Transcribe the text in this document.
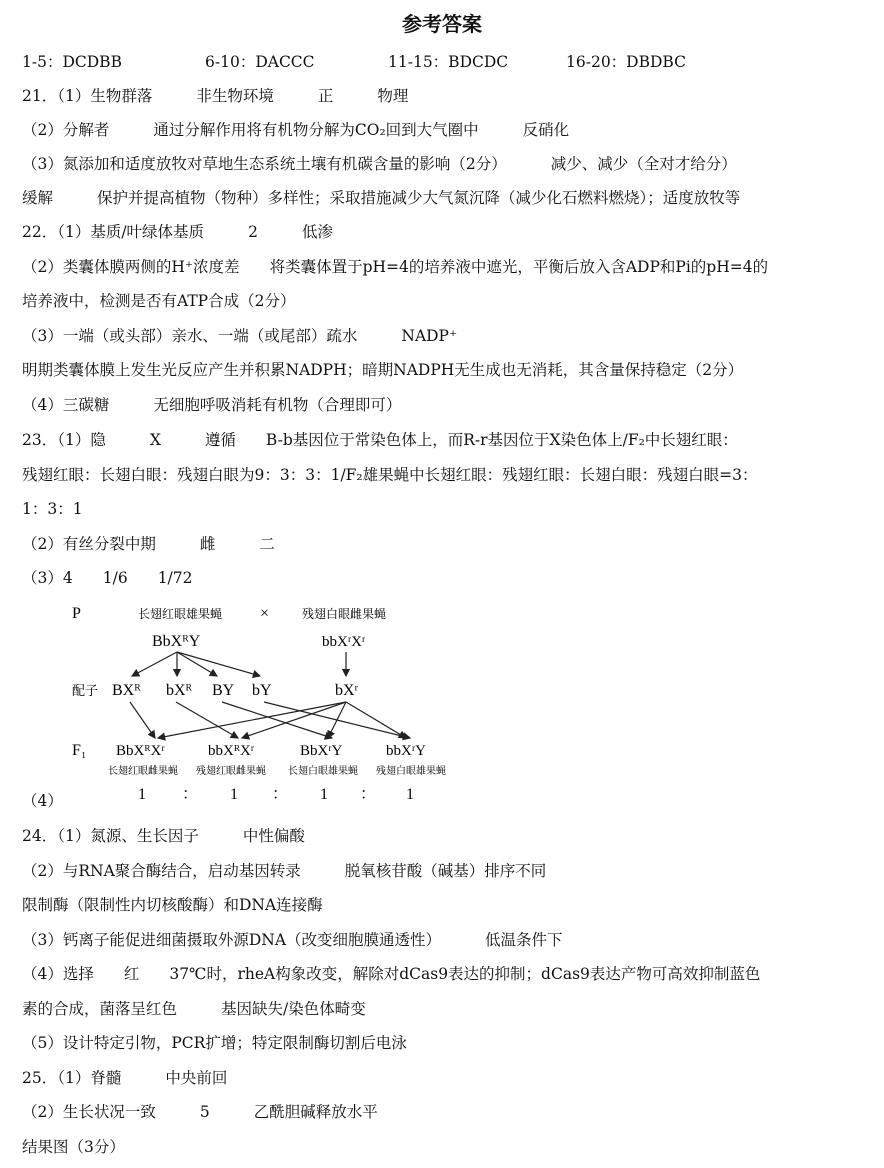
参考答案
1-5：DCDBB	6-10：DACCC	11-15：BDCDC	16-20：DBDBC
21．（1）生物群落	非生物环境	正	物理
（2）分解者	通过分解作用将有机物分解为CO₂回到大气圈中	反硝化
（3）氮添加和适度放牧对草地生态系统土壤有机碳含量的影响（2分）	减少、减少（全对才给分）
缓解	保护并提高植物（物种）多样性；采取措施减少大气氮沉降（减少化石燃料燃烧）；适度放牧等
22．（1）基质/叶绿体基质	2	低渗
（2）类囊体膜两侧的H⁺浓度差 将类囊体置于pH=4的培养液中遮光，平衡后放入含ADP和Pi的pH=4的
培养液中，检测是否有ATP合成（2分）
（3）一端（或头部）亲水、一端（或尾部）疏水	NADP⁺
明期类囊体膜上发生光反应产生并积累NADPH；暗期NADPH无生成也无消耗，其含量保持稳定（2分）
（4）三碳糖	无细胞呼吸消耗有机物（合理即可）
23．（1）隐	X	遵循 B-b基因位于常染色体上，而R-r基因位于X染色体上/F₂中长翅红眼：
残翅红眼：长翅白眼：残翅白眼为9：3：3：1/F₂雄果蝇中长翅红眼：残翅红眼：长翅白眼：残翅白眼=3：
1：3：1
（2）有丝分裂中期	雌	二
（3）4 1/6 1/72
P	长翅红眼雄果蝇 ×	残翅白眼雌果蝇
BbXᴿY	bbXʳXʳ
配子 BXᴿ bXᴿ BY bY	bXʳ
F₁ BbXᴿXʳ	bbXᴿXʳ	BbXʳY	bbXʳY
长翅红眼雌果蝇 残翅红眼雌果蝇 长翅白眼雄果蝇 残翅白眼雄果蝇
1 ： 1 ： 1 ： 1
（4）
24．（1）氮源、生长因子	中性偏酸
（2）与RNA聚合酶结合，启动基因转录	脱氧核苷酸（碱基）排序不同
限制酶（限制性内切核酸酶）和DNA连接酶
（3）钙离子能促进细菌摄取外源DNA（改变细胞膜通透性）	低温条件下
（4）选择 红 37℃时，rheA构象改变，解除对dCas9表达的抑制；dCas9表达产物可高效抑制蓝色
素的合成，菌落呈红色	基因缺失/染色体畸变
（5）设计特定引物，PCR扩增；特定限制酶切割后电泳
25．（1）脊髓	中央前回
（2）生长状况一致	5	乙酰胆碱释放水平
结果图（3分）
